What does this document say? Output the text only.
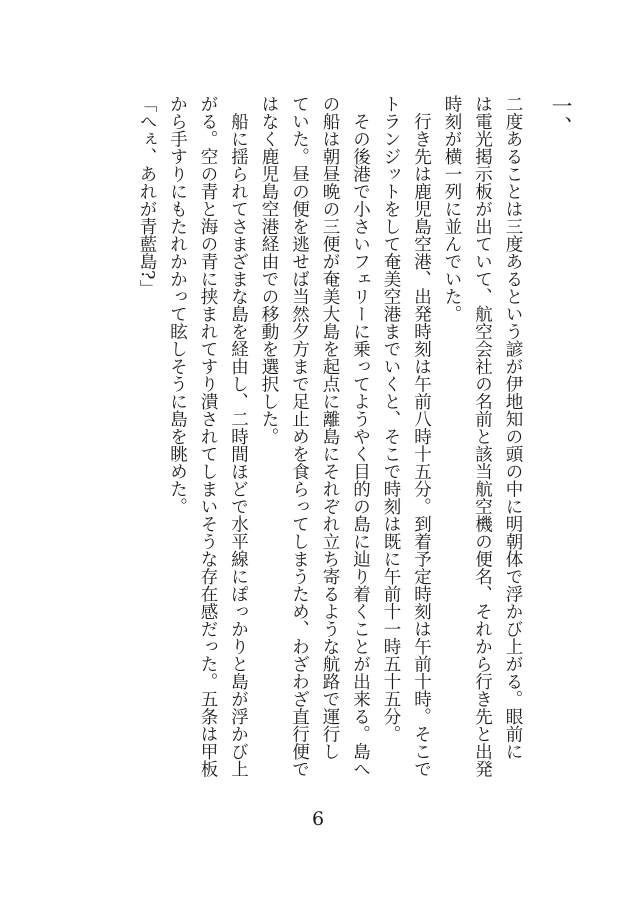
一、
二度あることは三度あるという諺が伊地知の頭の中に明朝体で浮かび上がる。眼前に
は電光掲示板が出ていて、航空会社の名前と該当航空機の便名、それから行き先と出発
時刻が横一列に並んでいた。
　行き先は鹿児島空港、出発時刻は午前八時十五分。到着予定時刻は午前十時。そこで
トランジットをして奄美空港までいくと、そこで時刻は既に午前十一時五十五分。
　その後港で小さいフェリーに乗ってようやく目的の島に辿り着くことが出来る。島へ
の船は朝昼晩の三便が奄美大島を起点に離島にそれぞれ立ち寄るような航路で運行し
ていた。昼の便を逃せば当然夕方まで足止めを食らってしまうため、わざわざ直行便で
はなく鹿児島空港経由での移動を選択した。
　船に揺られてさまざまな島を経由し、二時間ほどで水平線にぽっかりと島が浮かび上
がる。空の青と海の青に挟まれてすり潰されてしまいそうな存在感だった。五条は甲板
から手すりにもたれかかって眩しそうに島を眺めた。
「へぇ、あれが青藍島?」
6
